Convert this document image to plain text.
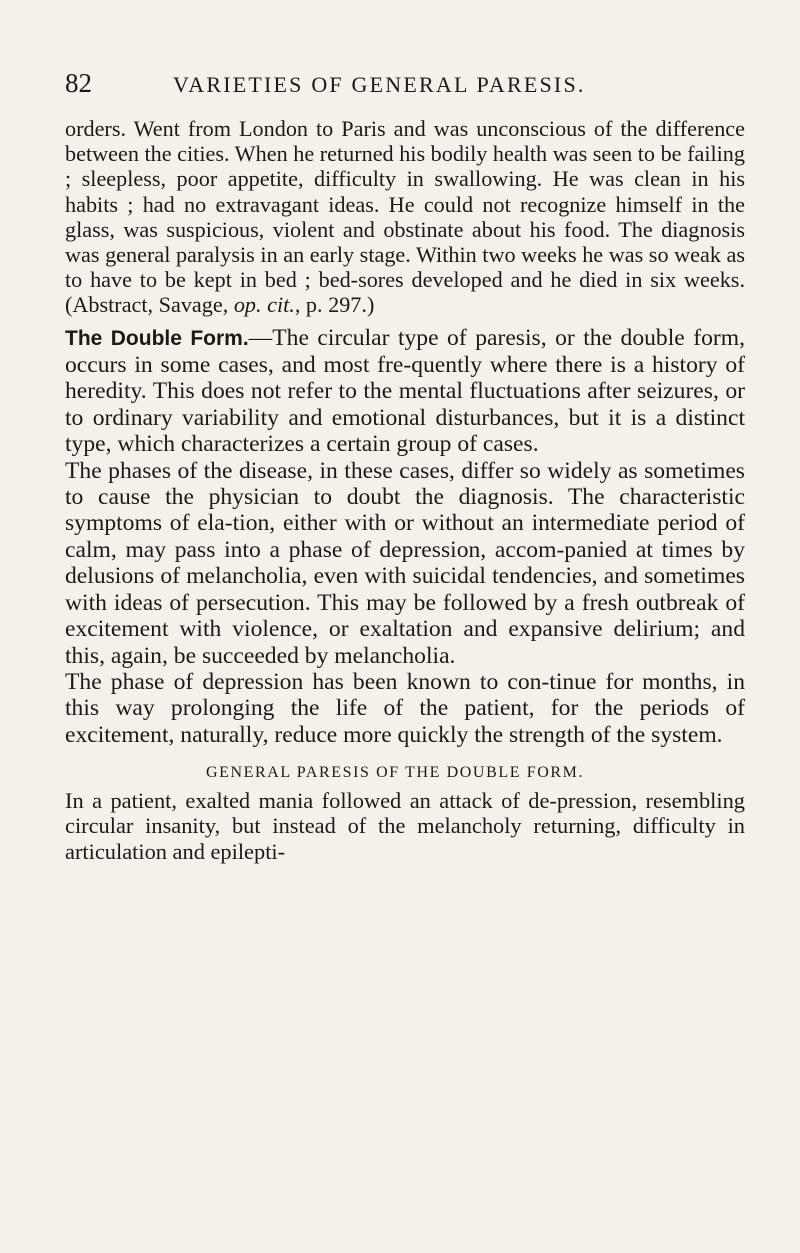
82	VARIETIES OF GENERAL PARESIS.

orders. Went from London to Paris and was unconscious of the difference between the cities. When he returned his bodily health was seen to be failing ; sleepless, poor appetite, difficulty in swallowing. He was clean in his habits ; had no extravagant ideas. He could not recognize himself in the glass, was suspicious, violent and obstinate about his food. The diagnosis was general paralysis in an early stage. Within two weeks he was so weak as to have to be kept in bed ; bed-sores developed and he died in six weeks. (Abstract, Savage, op. cit., p. 297.)

The Double Form.—The circular type of paresis, or the double form, occurs in some cases, and most fre-quently where there is a history of heredity. This does not refer to the mental fluctuations after seizures, or to ordinary variability and emotional disturbances, but it is a distinct type, which characterizes a certain group of cases.

The phases of the disease, in these cases, differ so widely as sometimes to cause the physician to doubt the diagnosis. The characteristic symptoms of ela-tion, either with or without an intermediate period of calm, may pass into a phase of depression, accom-panied at times by delusions of melancholia, even with suicidal tendencies, and sometimes with ideas of persecution. This may be followed by a fresh outbreak of excitement with violence, or exaltation and expansive delirium; and this, again, be succeeded by melancholia.

The phase of depression has been known to con-tinue for months, in this way prolonging the life of the patient, for the periods of excitement, naturally, reduce more quickly the strength of the system.

GENERAL PARESIS OF THE DOUBLE FORM.

In a patient, exalted mania followed an attack of de-pression, resembling circular insanity, but instead of the melancholy returning, difficulty in articulation and epilepti-
